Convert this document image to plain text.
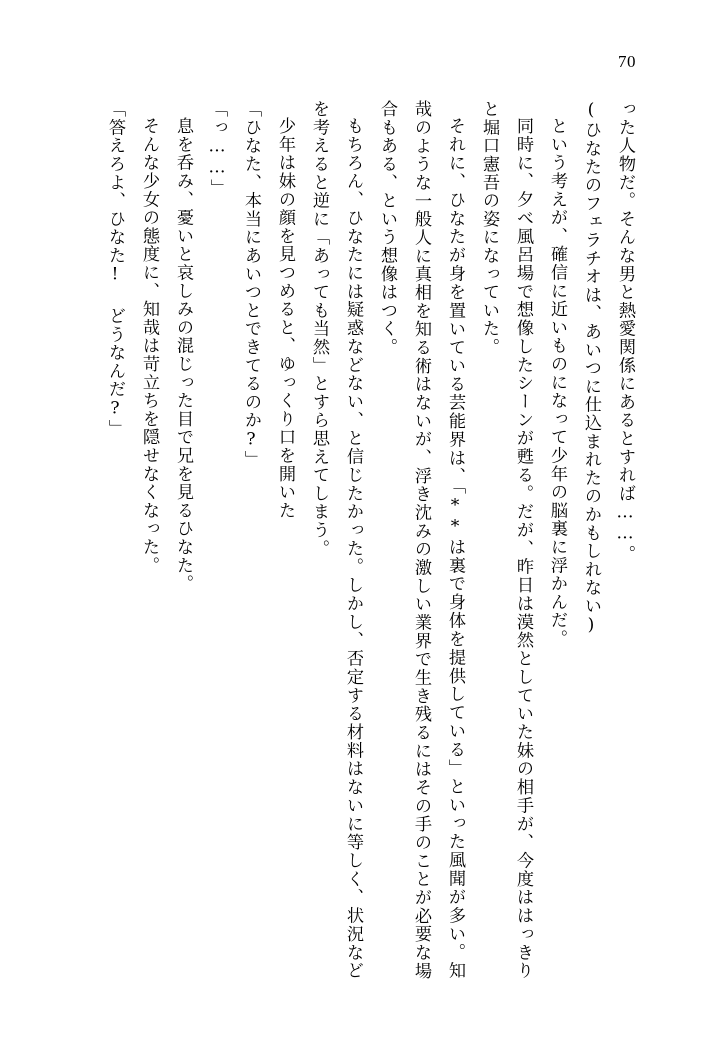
70

った人物だ。そんな男と熱愛関係にあるとすれば……。

(ひなたのフェラチオは、あいつに仕込まれたのかもしれない)

という考えが、確信に近いものになって少年の脳裏に浮かんだ。

同時に、夕べ風呂場で想像したシーンが甦る。だが、昨日は漠然としていた妹の相手が、今度ははっきりと堀口憲吾の姿になっていた。

それに、ひなたが身を置いている芸能界は、「**は裏で身体を提供している」といった風聞が多い。知哉のような一般人に真相を知る術はないが、浮き沈みの激しい業界で生き残るにはその手のことが必要な場合もある、という想像はつく。

もちろん、ひなたには疑惑などない、と信じたかった。しかし、否定する材料はないに等しく、状況などを考えると逆に「あっても当然」とすら思えてしまう。

少年は妹の顔を見つめると、ゆっくり口を開いた

「ひなた、本当にあいつとできてるのか?」

「っ……」

息を呑み、憂いと哀しみの混じった目で兄を見るひなた。

そんな少女の態度に、知哉は苛立ちを隠せなくなった。

「答えろよ、ひなた! どうなんだ?」
